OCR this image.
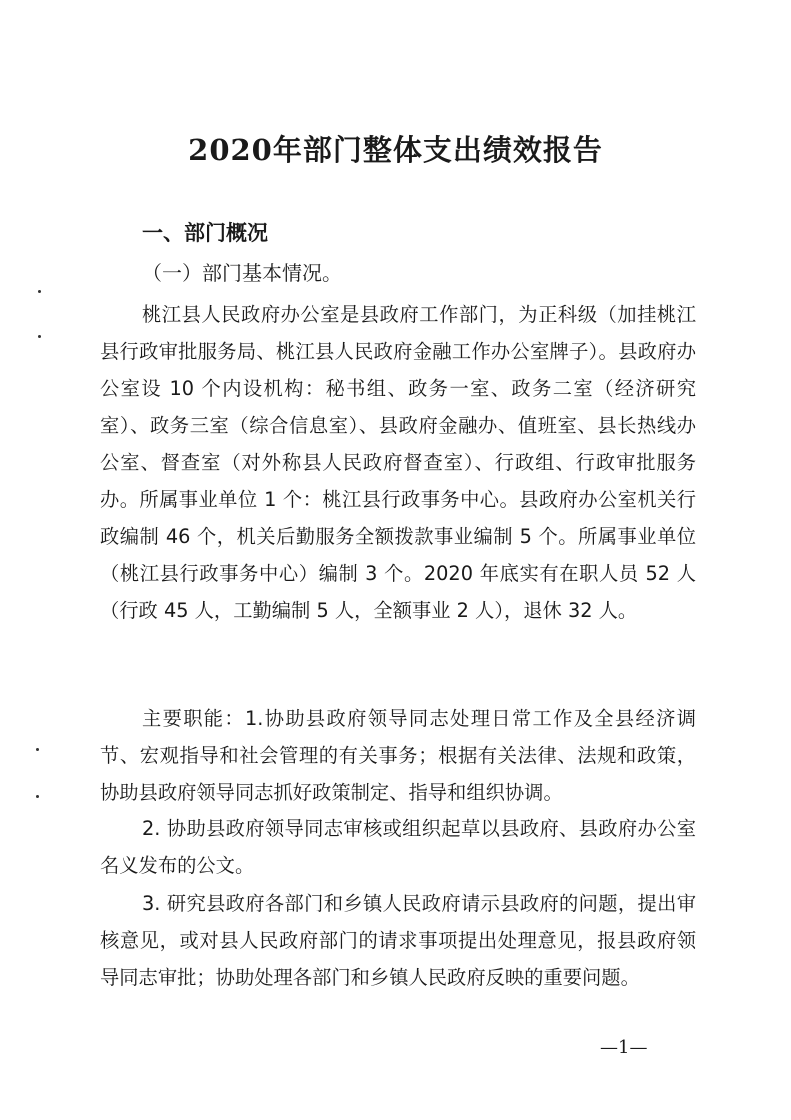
2020年部门整体支出绩效报告
一、部门概况
（一）部门基本情况。

桃江县人民政府办公室是县政府工作部门，为正科级（加挂桃江县行政审批服务局、桃江县人民政府金融工作办公室牌子）。县政府办公室设 10 个内设机构：秘书组、政务一室、政务二室（经济研究室）、政务三室（综合信息室）、县政府金融办、值班室、县长热线办公室、督查室（对外称县人民政府督查室）、行政组、行政审批服务办。所属事业单位 1 个：桃江县行政事务中心。县政府办公室机关行政编制 46 个，机关后勤服务全额拨款事业编制 5 个。所属事业单位（桃江县行政事务中心）编制 3 个。2020 年底实有在职人员 52 人（行政 45 人，工勤编制 5 人，全额事业 2 人），退休 32 人。

主要职能：1.协助县政府领导同志处理日常工作及全县经济调节、宏观指导和社会管理的有关事务；根据有关法律、法规和政策，协助县政府领导同志抓好政策制定、指导和组织协调。

2. 协助县政府领导同志审核或组织起草以县政府、县政府办公室名义发布的公文。

3. 研究县政府各部门和乡镇人民政府请示县政府的问题，提出审核意见，或对县人民政府部门的请求事项提出处理意见，报县政府领导同志审批；协助处理各部门和乡镇人民政府反映的重要问题。

—1—
